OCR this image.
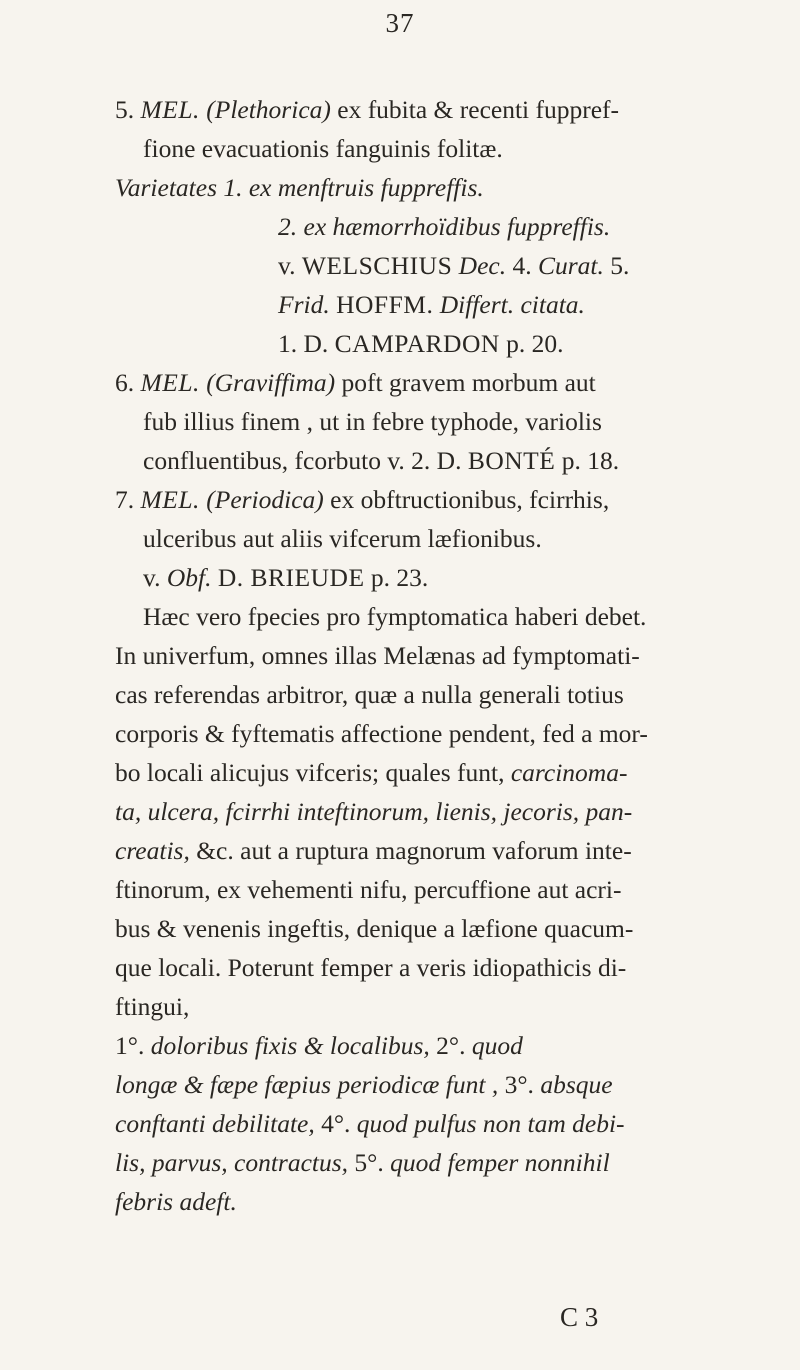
37
5. MEL. (Plethorica) ex fubita & recenti fuppref-
fione evacuationis fanguinis folitæ.
Varietates 1. ex menftruis fuppreffis.
2. ex hæmorrhoïdibus fuppreffis.
v. WELSCHIUS Dec. 4. Curat. 5.
Frid. HOFFM. Differt. citata.
1. D. CAMPARDON p. 20.
6. MEL. (Graviffima) poft gravem morbum aut
fub illius finem , ut in febre typhode, variolis
confluentibus, fcorbuto v. 2. D. BONTÉ p. 18.
7. MEL. (Periodica) ex obftructionibus, fcirrhis,
ulceribus aut aliis vifcerum læfionibus.
v. Obf. D. BRIEUDE p. 23.
Hæc vero fpecies pro fymptomatica haberi debet.
In univerfum, omnes illas Melænas ad fymptomati-
cas referendas arbitror, quæ a nulla generali totius
corporis & fyftematis affectione pendent, fed a mor-
bo locali alicujus vifceris; quales funt, carcinoma-
ta, ulcera, fcirrhi inteftinorum, lienis, jecoris, pan-
creatis, &c. aut a ruptura magnorum vaforum inte-
ftinorum, ex vehementi nifu, percuffione aut acri-
bus & venenis ingeftis, denique a læfione quacum-
que locali. Poterunt femper a veris idiopathicis di-
ftingui,
1°. doloribus fixis & localibus, 2°. quod
longæ & fæpe fæpius periodicæ funt , 3°. absque
conftanti debilitate, 4°. quod pulfus non tam debi-
lis, parvus, contractus, 5°. quod femper nonnihil
febris adeft.
C 3
